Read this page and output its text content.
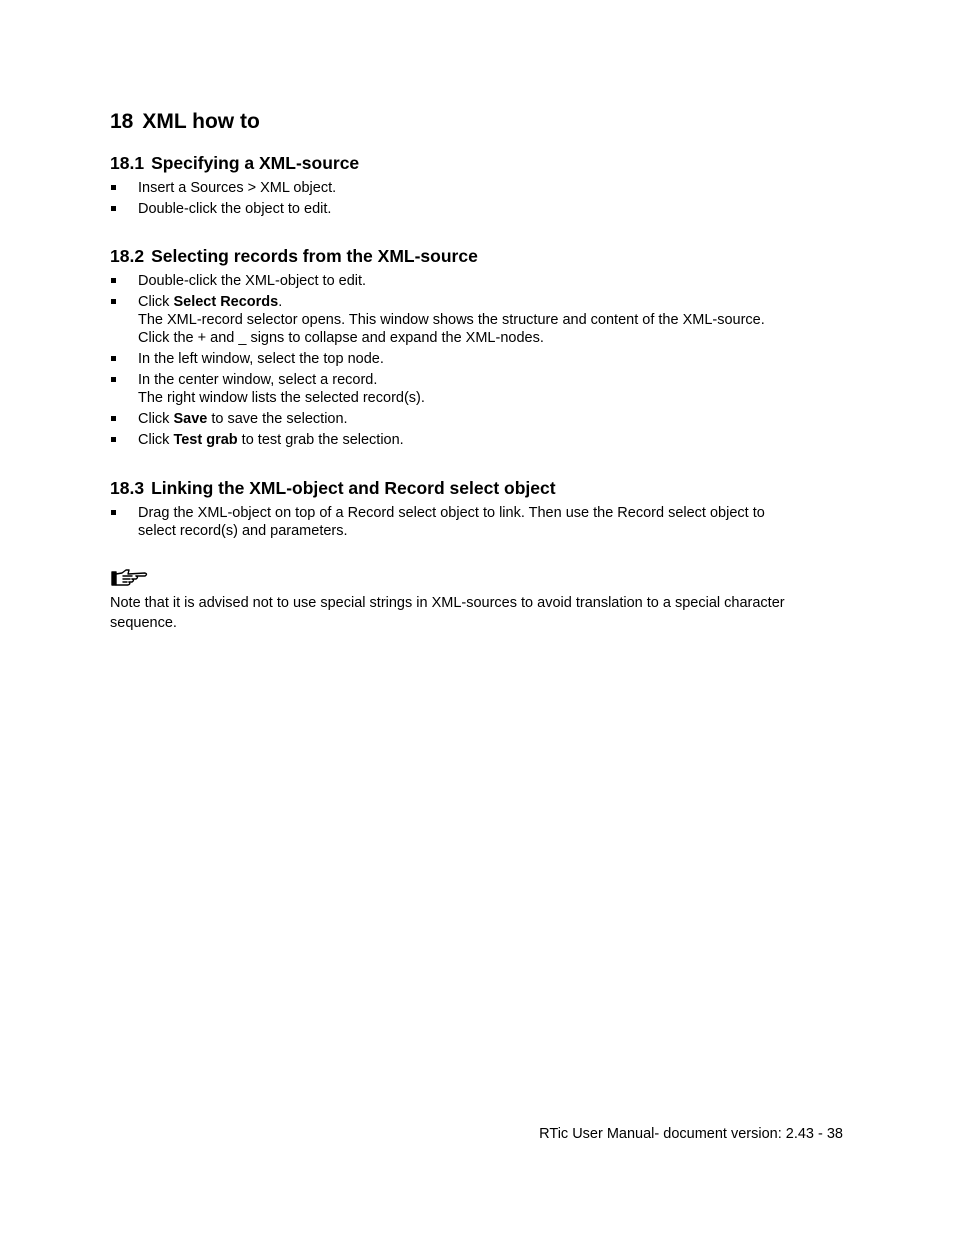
18 XML how to
18.1 Specifying a XML-source
Insert a Sources > XML object.
Double-click the object to edit.
18.2 Selecting records from the XML-source
Double-click the XML-object to edit.
Click Select Records.
The XML-record selector opens. This window shows the structure and content of the XML-source.
Click the + and _ signs to collapse and expand the XML-nodes.
In the left window, select the top node.
In the center window, select a record.
The right window lists the selected record(s).
Click Save to save the selection.
Click Test grab to test grab the selection.
18.3 Linking the XML-object and Record select object
Drag the XML-object on top of a Record select object to link. Then use the Record select object to
select record(s) and parameters.

Note that it is advised not to use special strings in XML-sources to avoid translation to a special character sequence.

RTic User Manual- document version: 2.43 - 38
